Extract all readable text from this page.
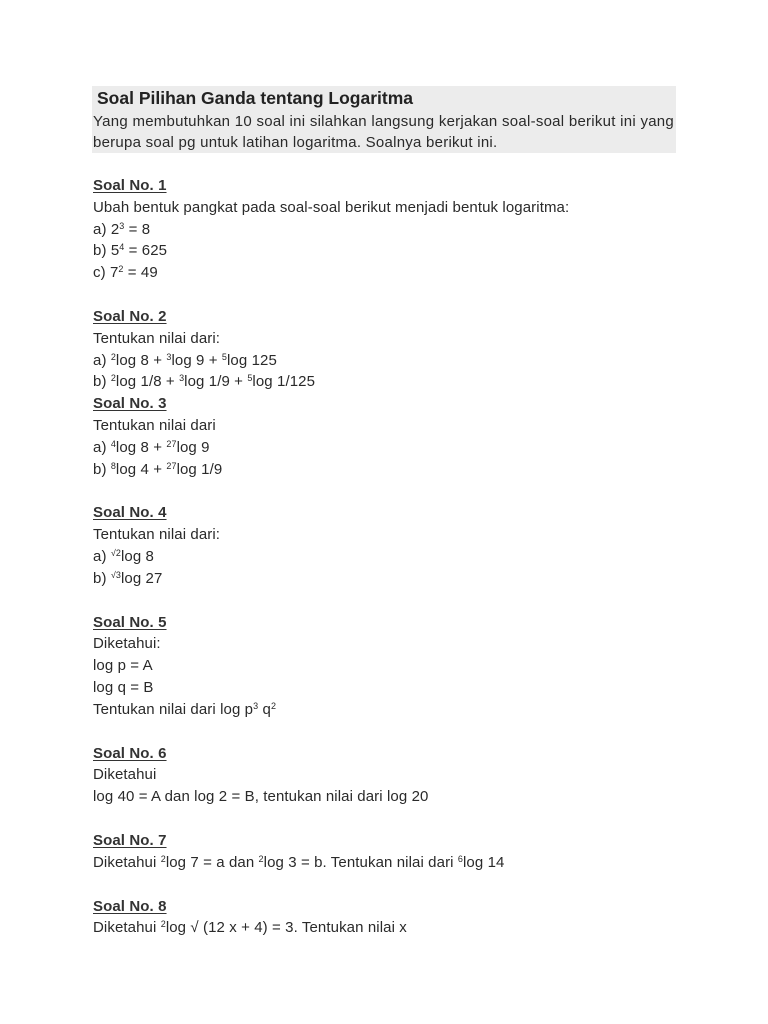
Soal Pilihan Ganda tentang Logaritma
Yang membutuhkan 10 soal ini silahkan langsung kerjakan soal-soal berikut ini yang berupa soal pg untuk latihan logaritma. Soalnya berikut ini.
Soal No. 1
Ubah bentuk pangkat pada soal-soal berikut menjadi bentuk logaritma:
a) $2^3 = 8$
b) $5^4 = 625$
c) $7^2 = 49$
Soal No. 2
Tentukan nilai dari:
a) $^2$log 8 + $^3$log 9 + $^5$log 125
b) $^2$log 1/8 + $^3$log 1/9 + $^5$log 1/125
Soal No. 3
Tentukan nilai dari
a) $^4$log 8 + $^{27}$log 9
b) $^8$log 4 + $^{27}$log 1/9
Soal No. 4
Tentukan nilai dari:
a) $^{√2}$log 8
b) $^{√3}$log 27
Soal No. 5
Diketahui:
log p = A
log q = B
Tentukan nilai dari $\log p^3$ $q^2$
Soal No. 6
Diketahui
log 40 = A dan log 2 = B, tentukan nilai dari log 20
Soal No. 7
Diketahui $^2$log 7 = a dan $^2$log 3 = b. Tentukan nilai dari $^6$log 14
Soal No. 8
Diketahui $^2$log √ (12 x + 4) = 3. Tentukan nilai x
